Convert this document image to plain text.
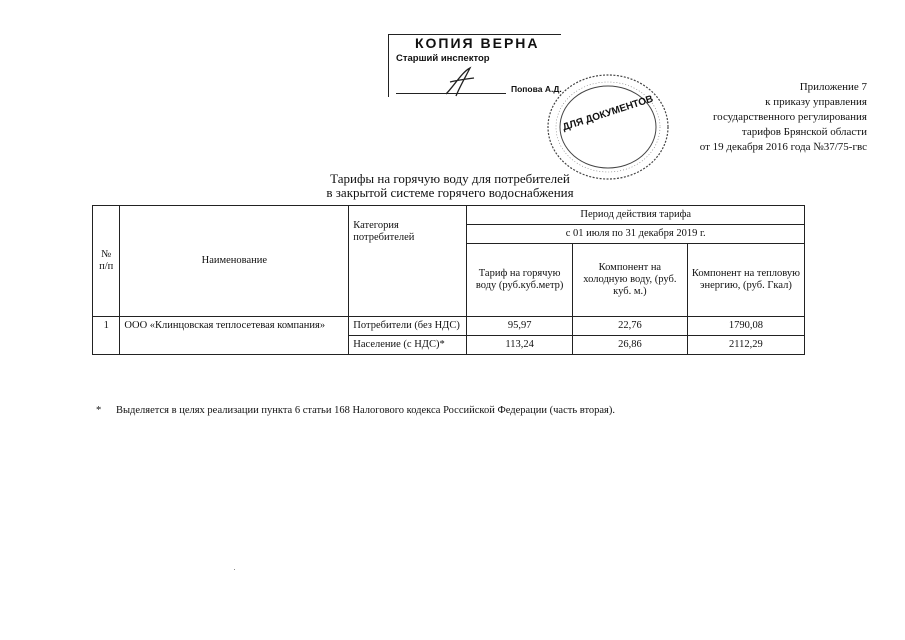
КОПИЯ ВЕРНА
Старший инспектор
Попова А.Д.
ДЛЯ ДОКУМЕНТОВ
Приложение 7
к приказу управления
государственного регулирования
тарифов Брянской области
от 19 декабря 2016 года №37/75-гвс
Тарифы на горячую воду для потребителей
в закрытой системе горячего водоснабжения
№ п/п	Наименование	Категория потребителей	Период действия тарифа		
			с 01 июля по 31 декабря 2019 г.		
			Тариф на горячую воду (руб.куб.метр)	Компонент на холодную воду, (руб. куб. м.)	Компонент на тепловую энергию, (руб. Гкал)
1	ООО «Клинцовская теплосетевая компания»	Потребители (без НДС)	95,97	22,76	1790,08
		Население (с НДС)*	113,24	26,86	2112,29
* Выделяется в целях реализации пункта 6 статьи 168 Налогового кодекса Российской Федерации (часть вторая).
